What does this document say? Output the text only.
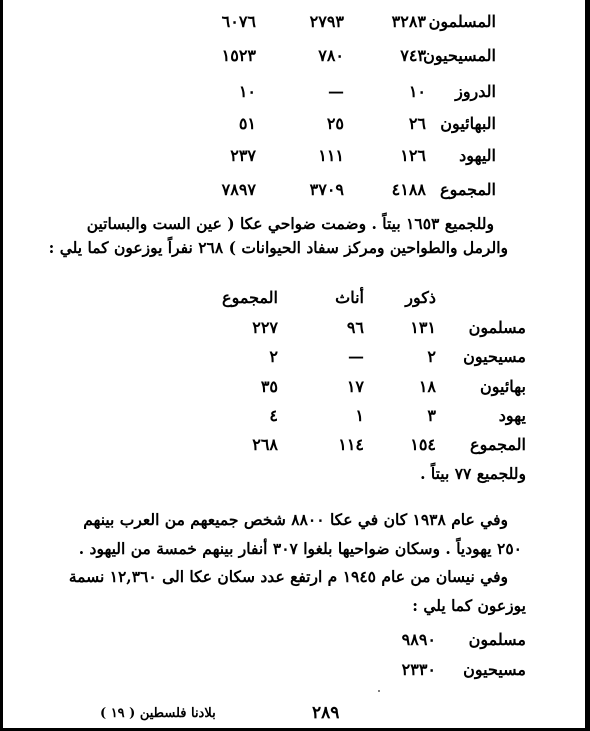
المسلمون
٣٢٨٣
٢٧٩٣
٦٠٧٦
المسيحيون
٧٤٣
٧٨٠
١٥٢٣
الدروز
١٠
—
١٠
البهائيون
٢٦
٢٥
٥١
اليهود
١٢٦
١١١
٢٣٧
المجموع
٤١٨٨
٣٧٠٩
٧٨٩٧
وللجميع ١٦٥٣ بيتاً . وضمت ضواحي عكا ( عين الست والبساتين
والرمل والطواحين ومركز سفاد الحيوانات ) ٢٦٨ نفراً يوزعون كما يلي :
ذكور
أناث
المجموع
مسلمون
١٣١
٩٦
٢٢٧
مسيحيون
٢
—
٢
بهائيون
١٨
١٧
٣٥
يهود
٣
١
٤
المجموع
١٥٤
١١٤
٢٦٨
وللجميع ٧٧ بيتاً .
وفي عام ١٩٣٨ كان في عكا ٨٨٠٠ شخص جميعهم من العرب بينهم
٢٥٠ يهودياً . وسكان ضواحيها بلغوا ٣٠٧ أنفار بينهم خمسة من اليهود .
وفي نيسان من عام ١٩٤٥ م ارتفع عدد سكان عكا الى ١٢,٣٦٠ نسمة
يوزعون كما يلي :
مسلمون
٩٨٩٠
مسيحيون
٢٣٣٠
٢٨٩
بلادنا فلسطين ( ١٩ )
